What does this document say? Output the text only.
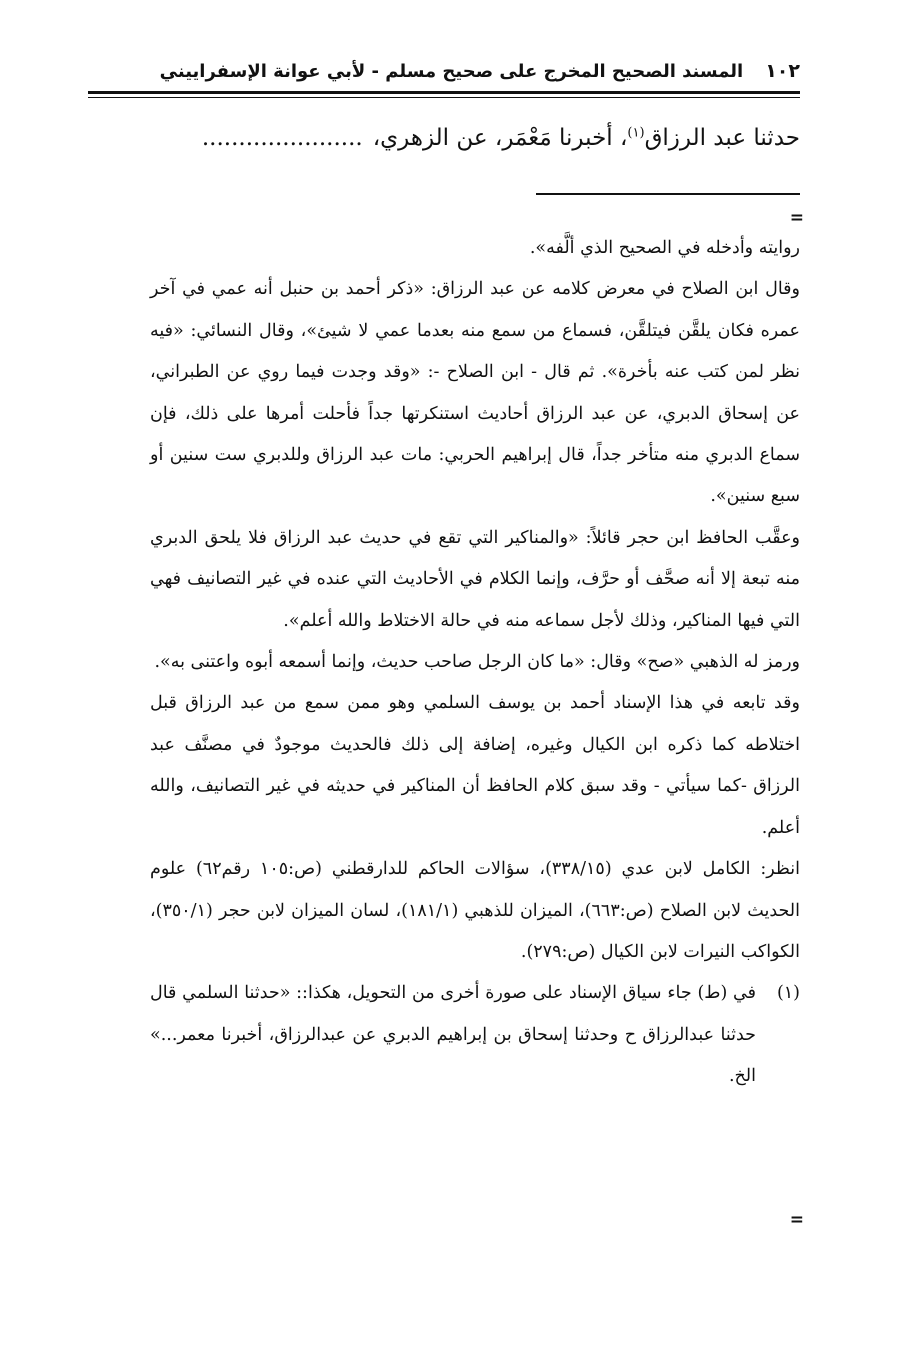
١٠٢
المسند الصحيح المخرج على صحيح مسلم - لأبي عوانة الإسفراييني
حدثنا عبد الرزاق$^{(١)}$، أخبرنا مَعْمَر، عن الزهري،......................
=

روايته وأدخله في الصحيح الذي ألَّفه».

وقال ابن الصلاح في معرض كلامه عن عبد الرزاق: «ذكر أحمد بن حنبل أنه عمي في آخر عمره فكان يلقَّن فيتلقَّن، فسماع من سمع منه بعدما عمي لا شيئ»، وقال النسائي: «فيه نظر لمن كتب عنه بأخرة». ثم قال - ابن الصلاح -: «وقد وجدت فيما روي عن الطبراني، عن إسحاق الدبري، عن عبد الرزاق أحاديث استنكرتها جداً فأحلت أمرها على ذلك، فإن سماع الدبري منه متأخر جداً، قال إبراهيم الحربي: مات عبد الرزاق وللدبري ست سنين أو سبع سنين».

وعقَّب الحافظ ابن حجر قائلاً: «والمناكير التي تقع في حديث عبد الرزاق فلا يلحق الدبري منه تبعة إلا أنه صحَّف أو حرَّف، وإنما الكلام في الأحاديث التي عنده في غير التصانيف فهي التي فيها المناكير، وذلك لأجل سماعه منه في حالة الاختلاط والله أعلم».

ورمز له الذهبي «صح» وقال: «ما كان الرجل صاحب حديث، وإنما أسمعه أبوه واعتنى به».

وقد تابعه في هذا الإسناد أحمد بن يوسف السلمي وهو ممن سمع من عبد الرزاق قبل اختلاطه كما ذكره ابن الكيال وغيره، إضافة إلى ذلك فالحديث موجودٌ في مصنَّف عبد الرزاق -كما سيأتي - وقد سبق كلام الحافظ أن المناكير في حديثه في غير التصانيف، والله أعلم.

انظر: الكامل لابن عدي (٣٣٨/١٥)، سؤالات الحاكم للدارقطني (ص:١٠٥ رقم٦٢) علوم الحديث لابن الصلاح (ص:٦٦٣)، الميزان للذهبي (١٨١/١)، لسان الميزان لابن حجر (٣٥٠/١)، الكواكب النيرات لابن الكيال (ص:٢٧٩).

(١)في (ط) جاء سياق الإسناد على صورة أخرى من التحويل، هكذا:: «حدثنا السلمي قال حدثنا عبدالرزاق ح وحدثنا إسحاق بن إبراهيم الدبري عن عبدالرزاق، أخبرنا معمر...» الخ.

=
